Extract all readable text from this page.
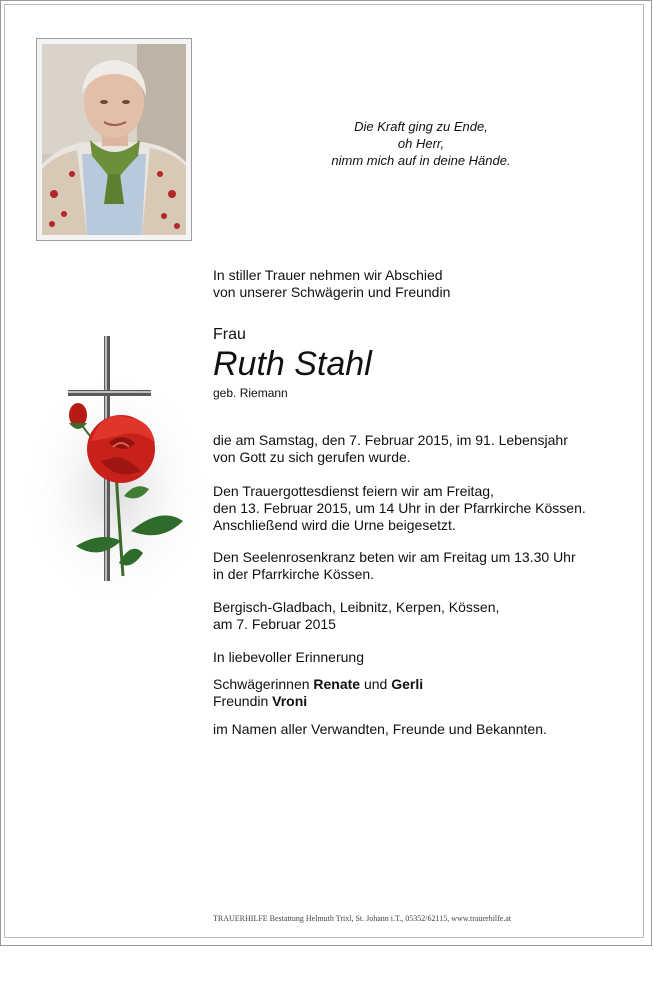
Die Kraft ging zu Ende,
oh Herr,
nimm mich auf in deine Hände.
In stiller Trauer nehmen wir Abschied
von unserer Schwägerin und Freundin
Frau
Ruth Stahl
geb. Riemann
die am Samstag, den 7. Februar 2015, im 91. Lebensjahr
von Gott zu sich gerufen wurde.
Den Trauergottesdienst feiern wir am Freitag,
den 13. Februar 2015, um 14 Uhr in der Pfarrkirche Kössen.
Anschließend wird die Urne beigesetzt.
Den Seelenrosenkranz beten wir am Freitag um 13.30 Uhr
in der Pfarrkirche Kössen.
Bergisch-Gladbach, Leibnitz, Kerpen, Kössen,
am 7. Februar 2015
In liebevoller Erinnerung
Schwägerinnen Renate und Gerli
Freundin Vroni
im Namen aller Verwandten, Freunde und Bekannten.
TRAUERHILFE Bestattung Helmuth Trixl, St. Johann i.T., 05352/62115, www.trauerhilfe.at
